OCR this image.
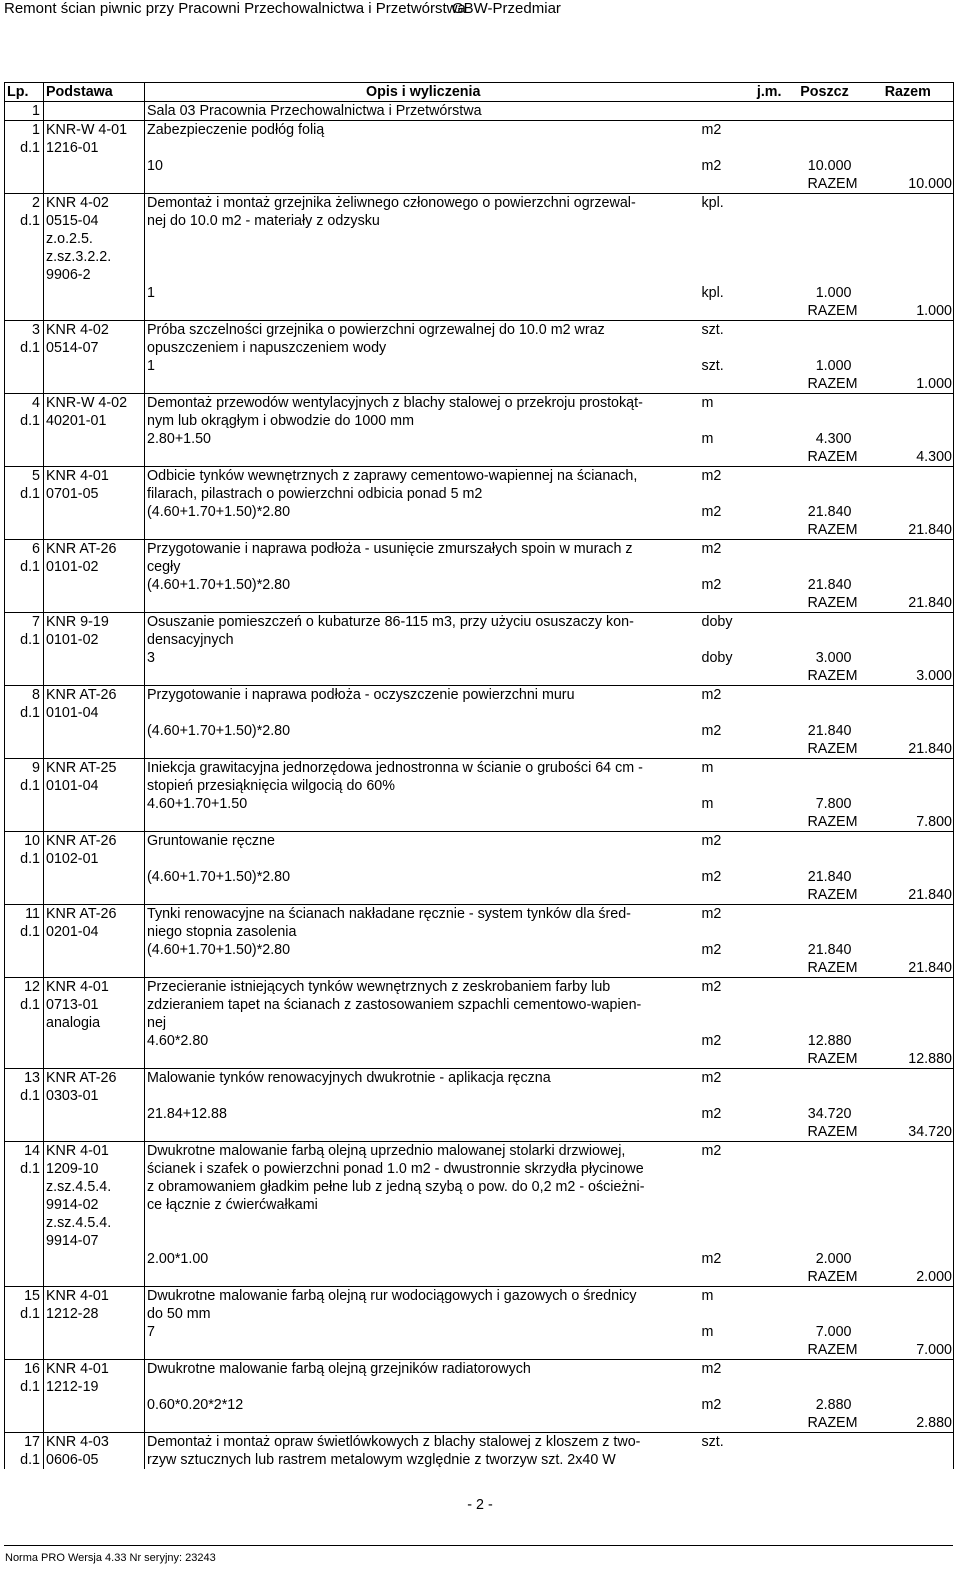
Remont ścian piwnic przy Pracowni Przechowalnictwa i Przetwórstwa
GBW-Przedmiar
Lp.	Podstawa	Opis i wyliczenia	j.m.	Poszcz		Razem
1		Sala 03 Pracownia Przechowalnictwa i Przetwórstwa				
1	KNR-W 4-01	Zabezpieczenie podłóg folią	m2			
d.1	1216-01					
		10	m2	10.000		
				RAZEM		10.000
2	KNR 4-02	Demontaż i montaż grzejnika żeliwnego członowego o powierzchni ogrzewal-	kpl.			
d.1	0515-04	nej do 10.0 m2 - materiały z odzysku				
	z.o.2.5.					
	z.sz.3.2.2.					
	9906-2					
		1	kpl.	1.000		
				RAZEM		1.000
3	KNR 4-02	Próba szczelności grzejnika o powierzchni ogrzewalnej do 10.0 m2 wraz	szt.			
d.1	0514-07	opuszczeniem i napuszczeniem wody				
		1	szt.	1.000		
				RAZEM		1.000
4	KNR-W 4-02	Demontaż przewodów wentylacyjnych z blachy stalowej o przekroju prostokąt-	m			
d.1	40201-01	nym lub okrągłym i obwodzie do 1000 mm				
		2.80+1.50	m	4.300		
				RAZEM		4.300
5	KNR 4-01	Odbicie tynków wewnętrznych z zaprawy cementowo-wapiennej na ścianach,	m2			
d.1	0701-05	filarach, pilastrach o powierzchni odbicia ponad 5 m2				
		(4.60+1.70+1.50)*2.80	m2	21.840		
				RAZEM		21.840
6	KNR AT-26	Przygotowanie i naprawa podłoża - usunięcie zmurszałych spoin w murach z	m2			
d.1	0101-02	cegły				
		(4.60+1.70+1.50)*2.80	m2	21.840		
				RAZEM		21.840
7	KNR 9-19	Osuszanie pomieszczeń o kubaturze 86-115 m3, przy użyciu osuszaczy kon-	doby			
d.1	0101-02	densacyjnych				
		3	doby	3.000		
				RAZEM		3.000
8	KNR AT-26	Przygotowanie i naprawa podłoża - oczyszczenie powierzchni muru	m2			
d.1	0101-04					
		(4.60+1.70+1.50)*2.80	m2	21.840		
				RAZEM		21.840
9	KNR AT-25	Iniekcja grawitacyjna jednorzędowa jednostronna w ścianie o grubości 64 cm -	m			
d.1	0101-04	stopień przesiąknięcia wilgocią do 60%				
		4.60+1.70+1.50	m	7.800		
				RAZEM		7.800
10	KNR AT-26	Gruntowanie ręczne	m2			
d.1	0102-01					
		(4.60+1.70+1.50)*2.80	m2	21.840		
				RAZEM		21.840
11	KNR AT-26	Tynki renowacyjne na ścianach nakładane ręcznie - system tynków dla śred-	m2			
d.1	0201-04	niego stopnia zasolenia				
		(4.60+1.70+1.50)*2.80	m2	21.840		
				RAZEM		21.840
12	KNR 4-01	Przecieranie istniejących tynków wewnętrznych z zeskrobaniem farby lub	m2			
d.1	0713-01	zdzieraniem tapet na ścianach z zastosowaniem szpachli cementowo-wapien-				
	analogia	nej				
		4.60*2.80	m2	12.880		
				RAZEM		12.880
13	KNR AT-26	Malowanie tynków renowacyjnych dwukrotnie - aplikacja ręczna	m2			
d.1	0303-01					
		21.84+12.88	m2	34.720		
				RAZEM		34.720
14	KNR 4-01	Dwukrotne malowanie farbą olejną uprzednio malowanej stolarki drzwiowej,	m2			
d.1	1209-10	ścianek i szafek o powierzchni ponad 1.0 m2 - dwustronnie skrzydła płycinowe				
	z.sz.4.5.4.	z obramowaniem gładkim pełne lub z jedną szybą o pow. do 0,2 m2 - ościeżni-				
	9914-02	ce łącznie z ćwierćwałkami				
	z.sz.4.5.4.					
	9914-07					
		2.00*1.00	m2	2.000		
				RAZEM		2.000
15	KNR 4-01	Dwukrotne malowanie farbą olejną rur wodociągowych i gazowych o średnicy	m			
d.1	1212-28	do 50 mm				
		7	m	7.000		
				RAZEM		7.000
16	KNR 4-01	Dwukrotne malowanie farbą olejną grzejników radiatorowych	m2			
d.1	1212-19					
		0.60*0.20*2*12	m2	2.880		
				RAZEM		2.880
17	KNR 4-03	Demontaż i montaż opraw świetlówkowych z blachy stalowej z kloszem z two-	szt.			
d.1	0606-05	rzyw sztucznych lub rastrem metalowym względnie z tworzyw szt. 2x40 W				
- 2 -
Norma PRO Wersja 4.33 Nr seryjny: 23243
